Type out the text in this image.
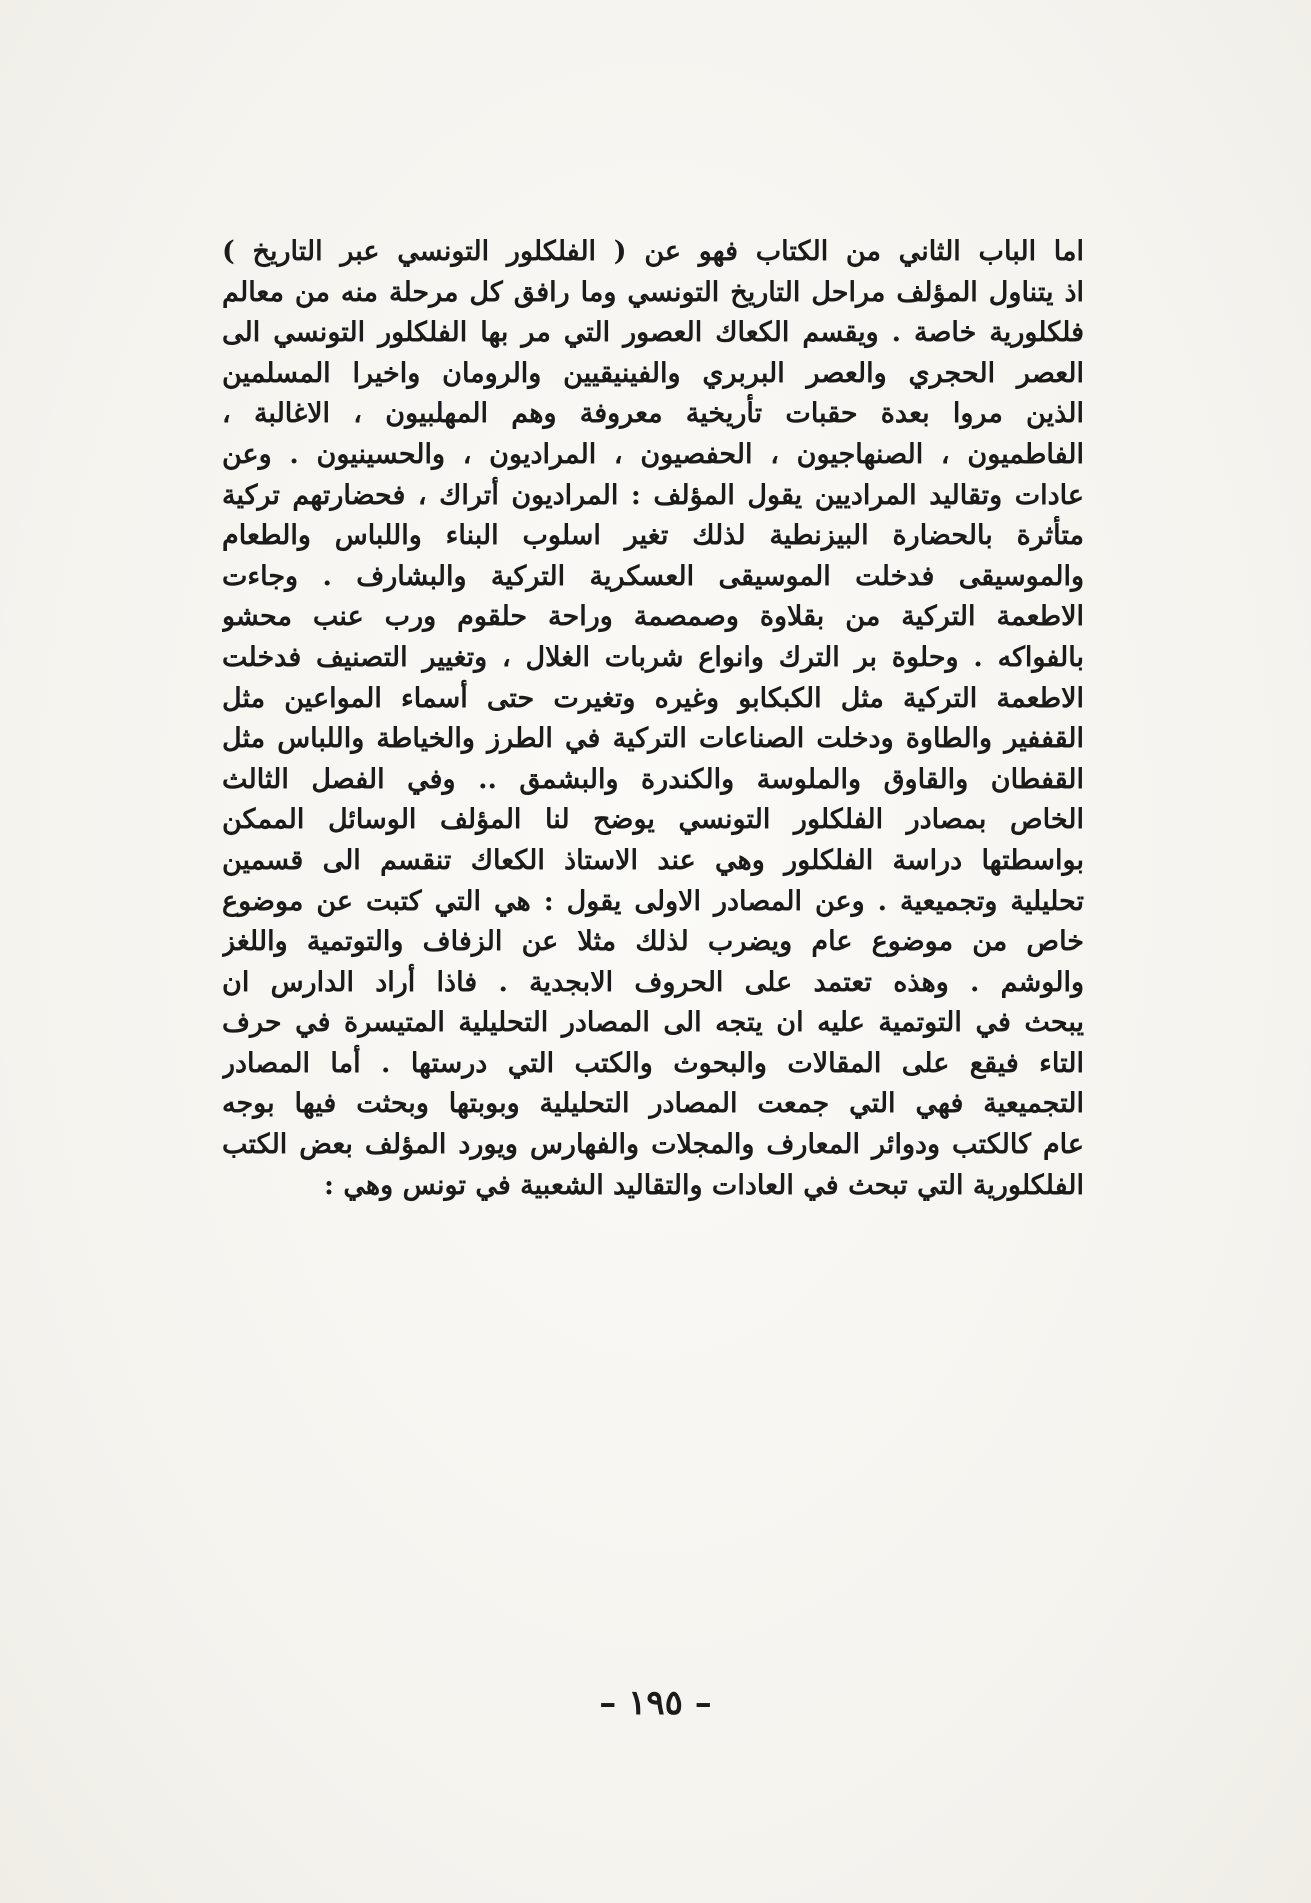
اما الباب الثاني من الكتاب فهو عن ( الفلكلور التونسي عبر التاريخ )
اذ يتناول المؤلف مراحل التاريخ التونسي وما رافق كل مرحلة منه من معالم
فلكلورية خاصة . ويقسم الكعاك العصور التي مر بها الفلكلور التونسي الى
العصر الحجري والعصر البربري والفينيقيين والرومان واخيرا المسلمين
الذين مروا بعدة حقبات تأريخية معروفة وهم المهلبيون ، الاغالبة ،
الفاطميون ، الصنهاجيون ، الحفصيون ، المراديون ، والحسينيون . وعن
عادات وتقاليد المراديين يقول المؤلف : المراديون أتراك ، فحضارتهم تركية
متأثرة بالحضارة البيزنطية لذلك تغير اسلوب البناء واللباس والطعام
والموسيقى فدخلت الموسيقى العسكرية التركية والبشارف . وجاءت
الاطعمة التركية من بقلاوة وصمصمة وراحة حلقوم ورب عنب محشو
بالفواكه . وحلوة بر الترك وانواع شربات الغلال ، وتغيير التصنيف فدخلت
الاطعمة التركية مثل الكبكابو وغيره وتغيرت حتى أسماء المواعين مثل
القففير والطاوة ودخلت الصناعات التركية في الطرز والخياطة واللباس مثل
القفطان والقاوق والملوسة والكندرة والبشمق .. وفي الفصل الثالث
الخاص بمصادر الفلكلور التونسي يوضح لنا المؤلف الوسائل الممكن
بواسطتها دراسة الفلكلور وهي عند الاستاذ الكعاك تنقسم الى قسمين
تحليلية وتجميعية . وعن المصادر الاولى يقول : هي التي كتبت عن موضوع
خاص من موضوع عام ويضرب لذلك مثلا عن الزفاف والتوتمية واللغز
والوشم . وهذه تعتمد على الحروف الابجدية . فاذا أراد الدارس ان
يبحث في التوتمية عليه ان يتجه الى المصادر التحليلية المتيسرة في حرف
التاء فيقع على المقالات والبحوث والكتب التي درستها . أما المصادر
التجميعية فهي التي جمعت المصادر التحليلية وبوبتها وبحثت فيها بوجه
عام كالكتب ودوائر المعارف والمجلات والفهارس ويورد المؤلف بعض الكتب
الفلكلورية التي تبحث في العادات والتقاليد الشعبية في تونس وهي :
– ١٩٥ –
